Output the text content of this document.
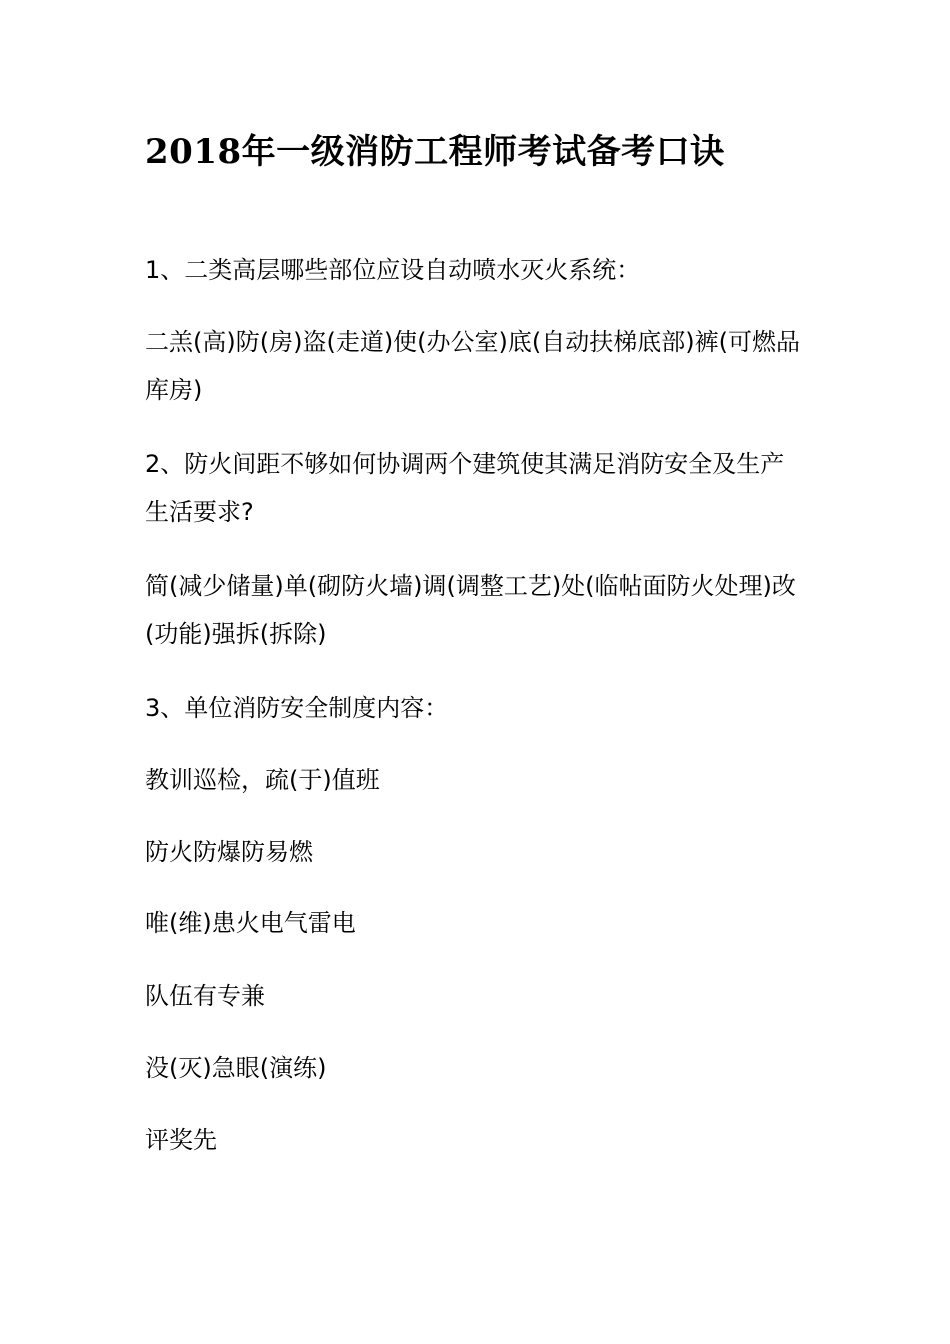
2018年一级消防工程师考试备考口诀

1、二类高层哪些部位应设自动喷水灭火系统：

二羔(高)防(房)盗(走道)使(办公室)底(自动扶梯底部)裤(可燃品库房)

2、防火间距不够如何协调两个建筑使其满足消防安全及生产生活要求?

简(减少储量)单(砌防火墙)调(调整工艺)处(临帖面防火处理)改(功能)强拆(拆除)

3、单位消防安全制度内容：

教训巡检，疏(于)值班

防火防爆防易燃

唯(维)患火电气雷电

队伍有专兼

没(灭)急眼(演练)

评奖先
